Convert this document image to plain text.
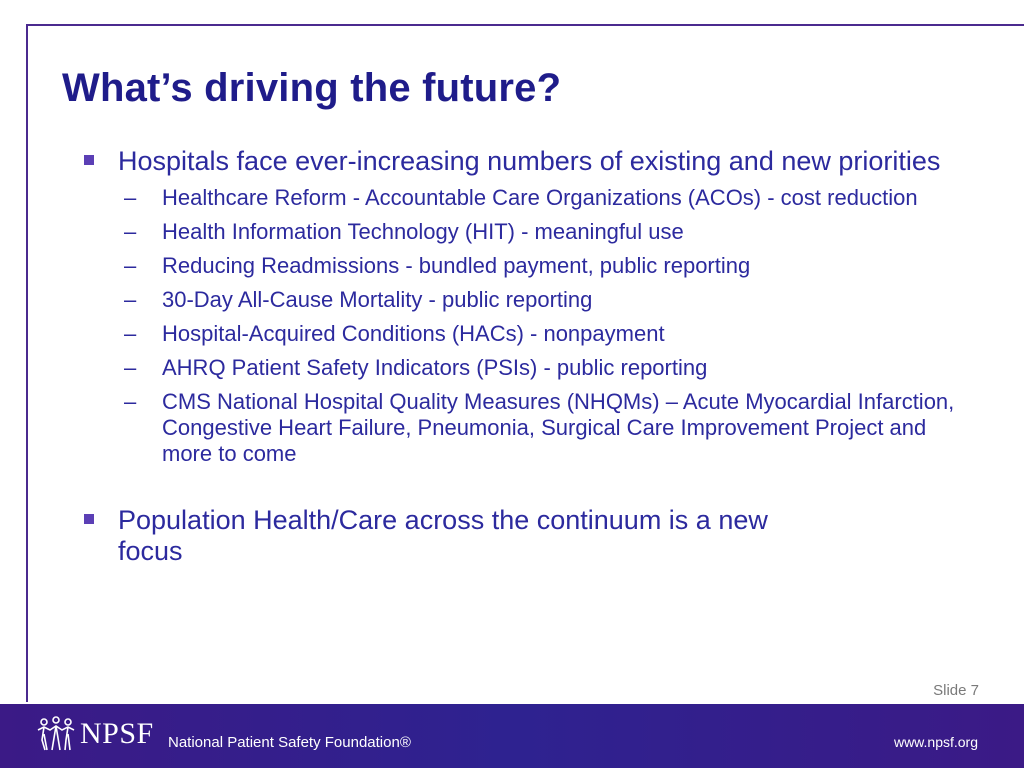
What’s driving the future?
Hospitals face ever-increasing numbers of existing and new priorities
– Healthcare Reform - Accountable Care Organizations (ACOs) - cost reduction
– Health Information Technology (HIT) - meaningful use
– Reducing Readmissions - bundled payment, public reporting
– 30-Day All-Cause Mortality - public reporting
– Hospital-Acquired Conditions (HACs) - nonpayment
– AHRQ Patient Safety Indicators (PSIs) - public reporting
– CMS National Hospital Quality Measures (NHQMs) – Acute Myocardial Infarction, Congestive Heart Failure, Pneumonia, Surgical Care Improvement Project and more to come
Population Health/Care across the continuum is a new focus
Slide 7
NPSF National Patient Safety Foundation®	www.npsf.org
